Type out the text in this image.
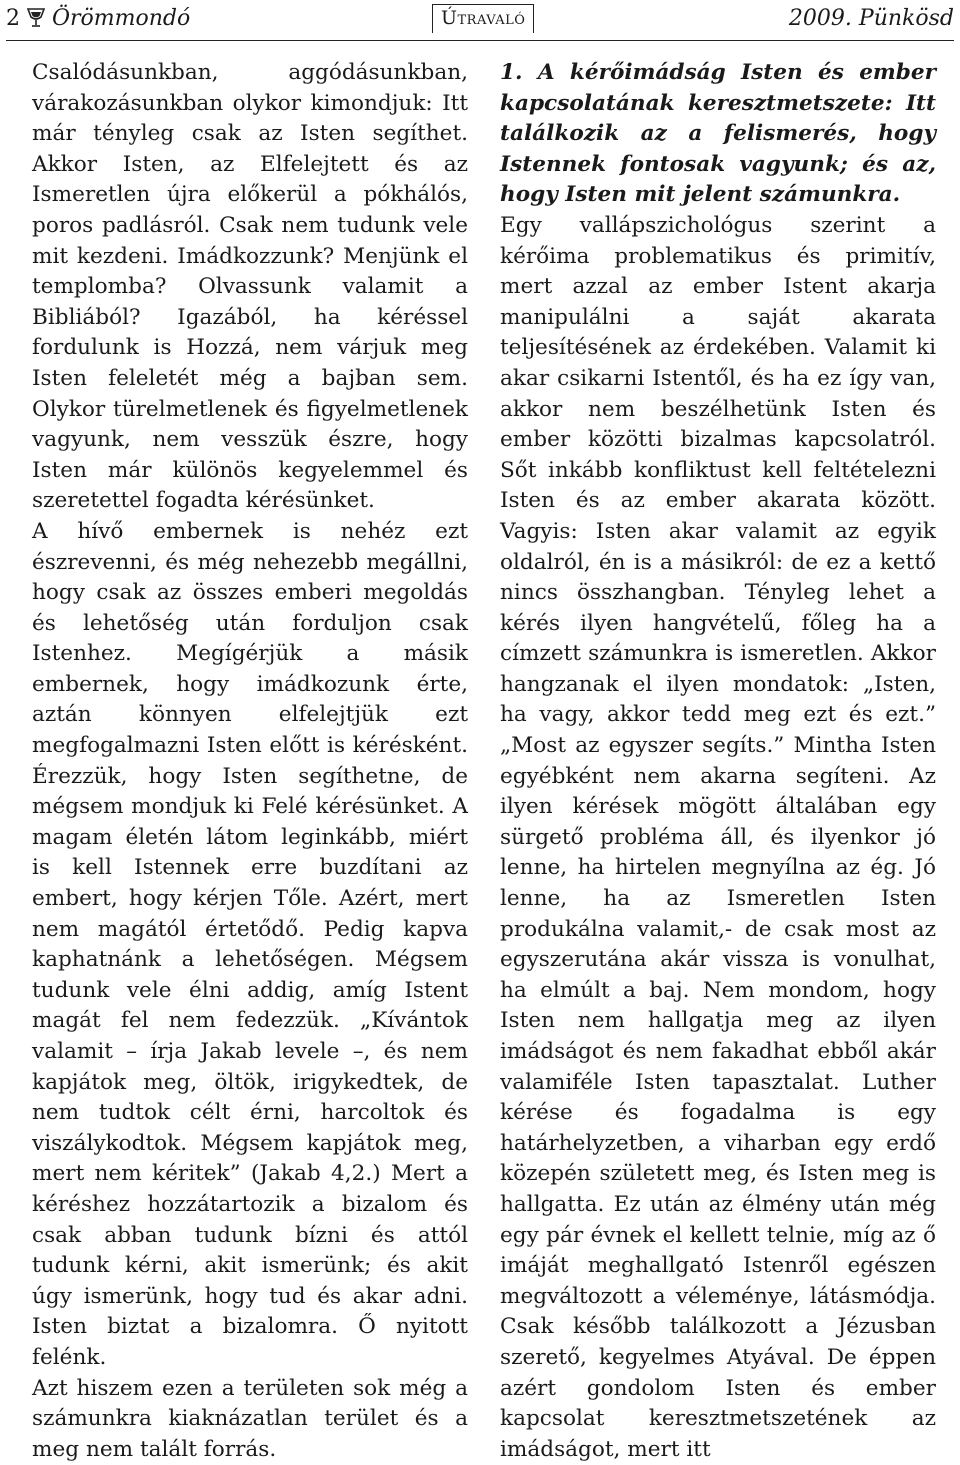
2 Örömmondó	Útravaló	2009. Pünkösd

Csalódásunkban, aggódásunkban, várakozásunkban olykor kimondjuk: Itt már tényleg csak az Isten segíthet. Akkor Isten, az Elfelejtett és az Ismeretlen újra előkerül a pókhálós, poros padlásról. Csak nem tudunk vele mit kezdeni. Imádkozzunk? Menjünk el templomba? Olvassunk valamit a Bibliából? Igazából, ha kéréssel fordulunk is Hozzá, nem várjuk meg Isten feleletét még a bajban sem. Olykor türelmetlenek és figyelmetlenek vagyunk, nem vesszük észre, hogy Isten már különös kegyelemmel és szeretettel fogadta kérésünket.

A hívő embernek is nehéz ezt észrevenni, és még nehezebb megállni, hogy csak az összes emberi megoldás és lehetőség után forduljon csak Istenhez. Megígérjük a másik embernek, hogy imádkozunk érte, aztán könnyen elfelejtjük ezt megfogalmazni Isten előtt is kérésként. Érezzük, hogy Isten segíthetne, de mégsem mondjuk ki Felé kérésünket. A magam életén látom leginkább, miért is kell Istennek erre buzdítani az embert, hogy kérjen Tőle. Azért, mert nem magától értetődő. Pedig kapva kaphatnánk a lehetőségen. Mégsem tudunk vele élni addig, amíg Istent magát fel nem fedezzük. „Kívántok valamit – írja Jakab levele –, és nem kapjátok meg, öltök, irigykedtek, de nem tudtok célt érni, harcoltok és viszálykodtok. Mégsem kapjátok meg, mert nem kéritek” (Jakab 4,2.) Mert a kéréshez hozzátartozik a bizalom és csak abban tudunk bízni és attól tudunk kérni, akit ismerünk; és akit úgy ismerünk, hogy tud és akar adni. Isten biztat a bizalomra. Ő nyitott felénk.

Azt hiszem ezen a területen sok még a számunkra kiaknázatlan terület és a meg nem talált forrás.

1. A kérőimádság Isten és ember kapcsolatának keresztmetszete: Itt találkozik az a felismerés, hogy Istennek fontosak vagyunk; és az, hogy Isten mit jelent számunkra.

Egy vallápszichológus szerint a kérőima problematikus és primitív, mert azzal az ember Istent akarja manipulálni a saját akarata teljesítésének az érdekében. Valamit ki akar csikarni Istentől, és ha ez így van, akkor nem beszélhetünk Isten és ember közötti bizalmas kapcsolatról. Sőt inkább konfliktust kell feltételezni Isten és az ember akarata között. Vagyis: Isten akar valamit az egyik oldalról, én is a másikról: de ez a kettő nincs összhangban. Tényleg lehet a kérés ilyen hangvételű, főleg ha a címzett számunkra is ismeretlen. Akkor hangzanak el ilyen mondatok: „Isten, ha vagy, akkor tedd meg ezt és ezt.” „Most az egyszer segíts.” Mintha Isten egyébként nem akarna segíteni. Az ilyen kérések mögött általában egy sürgető probléma áll, és ilyenkor jó lenne, ha hirtelen megnyílna az ég. Jó lenne, ha az Ismeretlen Isten produkálna valamit,- de csak most az egyszerutána akár vissza is vonulhat, ha elmúlt a baj. Nem mondom, hogy Isten nem hallgatja meg az ilyen imádságot és nem fakadhat ebből akár valamiféle Isten tapasztalat. Luther kérése és fogadalma is egy határhelyzetben, a viharban egy erdő közepén született meg, és Isten meg is hallgatta. Ez után az élmény után még egy pár évnek el kellett telnie, míg az ő imáját meghallgató Istenről egészen megváltozott a véleménye, látásmódja. Csak később találkozott a Jézusban szerető, kegyelmes Atyával. De éppen azért gondolom Isten és ember kapcsolat keresztmetszetének az imádságot, mert itt
